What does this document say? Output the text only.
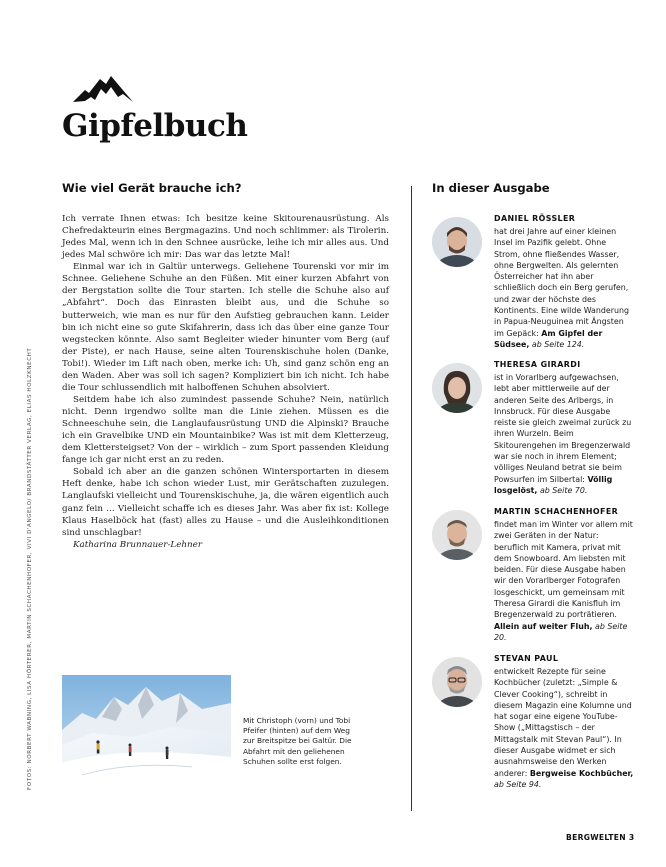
Gipfelbuch
FOTOS: NORBERT WABNING, LISA HÖRTERER, MARTIN SCHACHENHOFER, VIVI D'ANGELO/ BRANDSTÄTTER VERLAG, ELIAS HOLZKNECHT
Wie viel Gerät brauche ich?

Ich verrate Ihnen etwas: Ich besitze keine Skitourenausrüstung. Als Chefredakteurin eines Bergmagazins. Und noch schlimmer: als Tirolerin. Jedes Mal, wenn ich in den Schnee ausrücke, leihe ich mir alles aus. Und jedes Mal schwöre ich mir: Das war das letzte Mal!

Einmal war ich in Galtür unterwegs. Geliehene Tourenski vor mir im Schnee. Geliehene Schuhe an den Füßen. Mit einer kurzen Abfahrt von der Bergstation sollte die Tour starten. Ich stelle die Schuhe also auf „Abfahrt“. Doch das Einrasten bleibt aus, und die Schuhe so butterweich, wie man es nur für den Aufstieg gebrauchen kann. Leider bin ich nicht eine so gute Skifahrerin, dass ich das über eine ganze Tour wegstecken könnte. Also samt Begleiter wieder hinunter vom Berg (auf der Piste), er nach Hause, seine alten Tourenskischuhe holen (Danke, Tobi!). Wieder im Lift nach oben, merke ich: Uh, sind ganz schön eng an den Waden. Aber was soll ich sagen? Kompliziert bin ich nicht. Ich habe die Tour schlussendlich mit halboffenen Schuhen absolviert.

Seitdem habe ich also zumindest passende Schuhe? Nein, natürlich nicht. Denn irgendwo sollte man die Linie ziehen. Müssen es die Schneeschuhe sein, die Langlaufausrüstung UND die Alpinski? Brauche ich ein Gravelbike UND ein Mountainbike? Was ist mit dem Kletterzeug, dem Klettersteigset? Von der – wirklich – zum Sport passenden Kleidung fange ich gar nicht erst an zu reden.

Sobald ich aber an die ganzen schönen Wintersportarten in diesem Heft denke, habe ich schon wieder Lust, mir Gerätschaften zuzulegen. Langlaufski vielleicht und Tourenskischuhe, ja, die wären eigentlich auch ganz fein … Vielleicht schaffe ich es dieses Jahr. Was aber fix ist: Kollege Klaus Haselböck hat (fast) alles zu Hause – und die Ausleihkonditionen sind unschlagbar!

Katharina Brunnauer-Lehner

Mit Christoph (vorn) und Tobi Pfeifer (hinten) auf dem Weg zur Breitspitze bei Galtür. Die Abfahrt mit den geliehenen Schuhen sollte erst folgen.
In dieser Ausgabe
DANIEL RÖSSLER
hat drei Jahre auf einer kleinen Insel im Pazifik gelebt. Ohne Strom, ohne fließendes Wasser, ohne Bergwelten. Als gelernten Österreicher hat ihn aber schließlich doch ein Berg gerufen, und zwar der höchste des Kontinents. Eine wilde Wanderung in Papua-Neuguinea mit Ängsten im Gepäck: Am Gipfel der Südsee, ab Seite 124.
THERESA GIRARDI
ist in Vorarlberg aufgewachsen, lebt aber mittlerweile auf der anderen Seite des Arlbergs, in Innsbruck. Für diese Ausgabe reiste sie gleich zweimal zurück zu ihren Wurzeln. Beim Skitourengehen im Bregenzerwald war sie noch in ihrem Element; völliges Neuland betrat sie beim Powsurfen im Silbertal: Völlig losgelöst, ab Seite 70.
MARTIN SCHACHENHOFER
findet man im Winter vor allem mit zwei Geräten in der Natur: beruflich mit Kamera, privat mit dem Snowboard. Am liebsten mit beiden. Für diese Ausgabe haben wir den Vorarlberger Fotografen losgeschickt, um gemeinsam mit Theresa Girardi die Kanisfluh im Bregenzerwald zu porträtieren. Allein auf weiter Fluh, ab Seite 20.
STEVAN PAUL
entwickelt Rezepte für seine Kochbücher (zuletzt: „Simple & Clever Cooking“), schreibt in diesem Magazin eine Kolumne und hat sogar eine eigene YouTube-Show („Mittagstisch – der Mittagstalk mit Stevan Paul“). In dieser Ausgabe widmet er sich ausnahmsweise den Werken anderer: Bergweise Kochbücher, ab Seite 94.
BERGWELTEN 3
